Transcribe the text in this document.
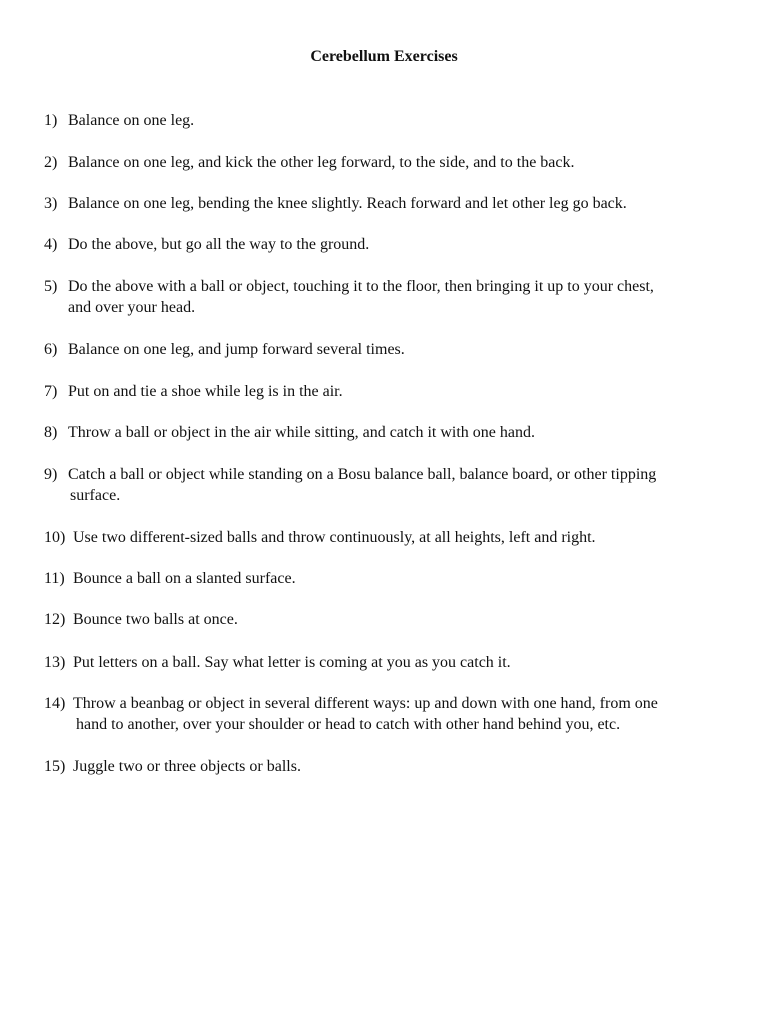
Cerebellum Exercises
1) Balance on one leg.
2) Balance on one leg, and kick the other leg forward, to the side, and to the back.
3) Balance on one leg, bending the knee slightly. Reach forward and let other leg go back.
4) Do the above, but go all the way to the ground.
5) Do the above with a ball or object, touching it to the floor, then bringing it up to your chest,
and over your head.
6) Balance on one leg, and jump forward several times.
7) Put on and tie a shoe while leg is in the air.
8) Throw a ball or object in the air while sitting, and catch it with one hand.
9) Catch a ball or object while standing on a Bosu balance ball, balance board, or other tipping
surface.
10) Use two different-sized balls and throw continuously, at all heights, left and right.
11) Bounce a ball on a slanted surface.
12) Bounce two balls at once.
13) Put letters on a ball. Say what letter is coming at you as you catch it.
14) Throw a beanbag or object in several different ways: up and down with one hand, from one
hand to another, over your shoulder or head to catch with other hand behind you, etc.
15) Juggle two or three objects or balls.
